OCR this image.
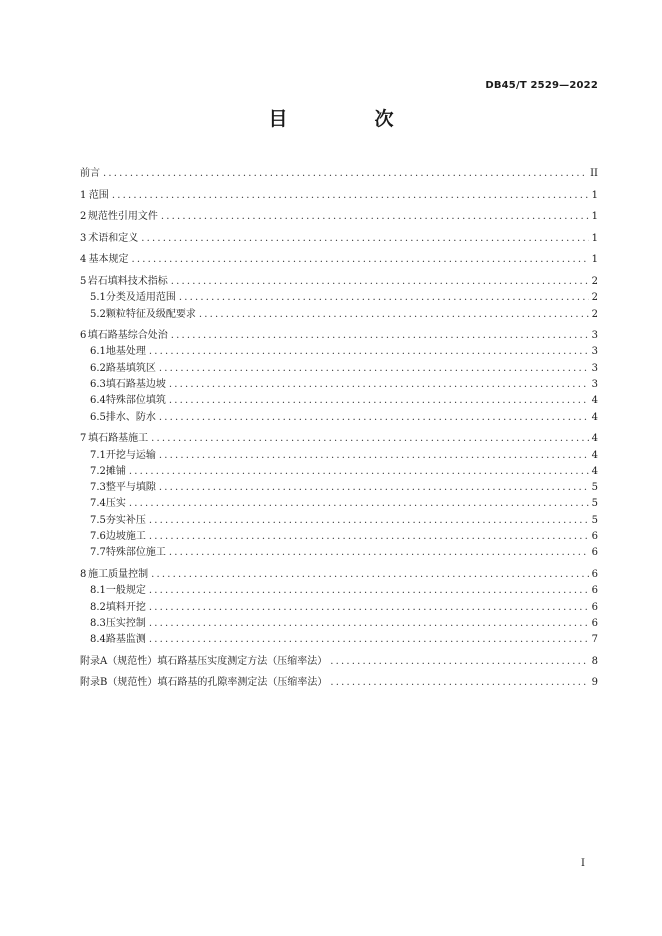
DB45/T 2529—2022
目　次
前言 .....	II
1 范围 .....	1
2 规范性引用文件 .....	1
3 术语和定义 .....	1
4 基本规定 .....	1
5 岩石填料技术指标 .....	2
5.1 分类及适用范围 .....	2
5.2 颗粒特征及级配要求 .....	2
6 填石路基综合处治 .....	3
6.1 地基处理 .....	3
6.2 路基填筑区 .....	3
6.3 填石路基边坡 .....	3
6.4 特殊部位填筑 .....	4
6.5 排水、防水 .....	4
7 填石路基施工 .....	4
7.1 开挖与运输 .....	4
7.2 摊铺 .....	4
7.3 整平与填隙 .....	5
7.4 压实 .....	5
7.5 夯实补压 .....	5
7.6 边坡施工 .....	6
7.7 特殊部位施工 .....	6
8 施工质量控制 .....	6
8.1 一般规定 .....	6
8.2 填料开挖 .....	6
8.3 压实控制 .....	6
8.4 路基监测 .....	7
附录A（规范性）填石路基压实度测定方法（压缩率法） .....	8
附录B（规范性）填石路基的孔隙率测定法（压缩率法） .....	9
I
